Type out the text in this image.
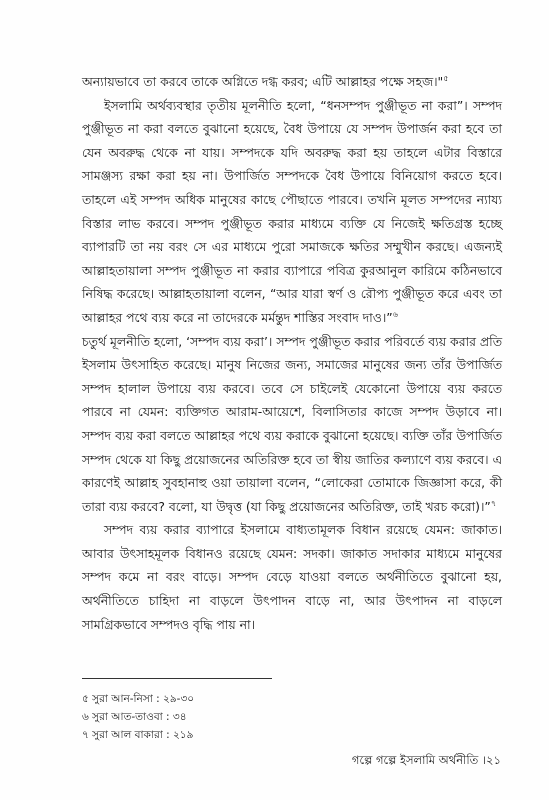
অন্যায়ভাবে তা করবে তাকে অগ্নিতে দগ্ধ করব; এটি আল্লাহর পক্ষে সহজ।"$^৫$

ইসলামি অর্থব্যবস্থার তৃতীয় মূলনীতি হলো, “ধনসম্পদ পুঞ্জীভূত না করা”। সম্পদ পুঞ্জীভূত না করা বলতে বুঝানো হয়েছে, বৈধ উপায়ে যে সম্পদ উপার্জন করা হবে তা যেন অবরুদ্ধ থেকে না যায়। সম্পদকে যদি অবরুদ্ধ করা হয় তাহলে এটার বিস্তারে সামঞ্জস্য রক্ষা করা হয় না। উপার্জিত সম্পদকে বৈধ উপায়ে বিনিয়োগ করতে হবে। তাহলে এই সম্পদ অধিক মানুষের কাছে পৌছাতে পারবে। তখনি মূলত সম্পদের ন্যায্য বিস্তার লাভ করবে। সম্পদ পুঞ্জীভূত করার মাধ্যমে ব্যক্তি যে নিজেই ক্ষতিগ্রস্ত হচ্ছে ব্যাপারটি তা নয় বরং সে এর মাধ্যমে পুরো সমাজকে ক্ষতির সম্মুখীন করছে। এজন্যই আল্লাহতায়ালা সম্পদ পুঞ্জীভূত না করার ব্যাপারে পবিত্র কুরআনুল কারিমে কঠিনভাবে নিষিদ্ধ করেছে। আল্লাহতায়ালা বলেন, “আর যারা স্বর্ণ ও রৌপ্য পুঞ্জীভূত করে এবং তা আল্লাহর পথে ব্যয় করে না তাদেরকে মর্মন্তুদ শাস্তির সংবাদ দাও।”$^৬$

চতুর্থ মূলনীতি হলো, ‘সম্পদ ব্যয় করা’। সম্পদ পুঞ্জীভূত করার পরিবর্তে ব্যয় করার প্রতি ইসলাম উৎসাহিত করেছে। মানুষ নিজের জন্য, সমাজের মানুষের জন্য তাঁর উপার্জিত সম্পদ হালাল উপায়ে ব্যয় করবে। তবে সে চাইলেই যেকোনো উপায়ে ব্যয় করতে পারবে না যেমন: ব্যক্তিগত আরাম-আয়েশে, বিলাসিতার কাজে সম্পদ উড়াবে না। সম্পদ ব্যয় করা বলতে আল্লাহর পথে ব্যয় করাকে বুঝানো হয়েছে। ব্যক্তি তাঁর উপার্জিত সম্পদ থেকে যা কিছু প্রয়োজনের অতিরিক্ত হবে তা স্বীয় জাতির কল্যাণে ব্যয় করবে। এ কারণেই আল্লাহ সুবহানাহু ওয়া তায়ালা বলেন, “লোকেরা তোমাকে জিজ্ঞাসা করে, কী তারা ব্যয় করবে? বলো, যা উদ্বৃত্ত (যা কিছু প্রয়োজনের অতিরিক্ত, তাই খরচ করো)।”$^৭$

সম্পদ ব্যয় করার ব্যাপারে ইসলামে বাধ্যতামূলক বিধান রয়েছে যেমন: জাকাত। আবার উৎসাহমূলক বিধানও রয়েছে যেমন: সদকা। জাকাত সদাকার মাধ্যমে মানুষের সম্পদ কমে না বরং বাড়ে। সম্পদ বেড়ে যাওয়া বলতে অর্থনীতিতে বুঝানো হয়, অর্থনীতিতে চাহিদা না বাড়লে উৎপাদন বাড়ে না, আর উৎপাদন না বাড়লে সামগ্রিকভাবে সম্পদও বৃদ্ধি পায় না।

৫ সুরা আন-নিসা : ২৯-৩০

৬ সুরা আত-তাওবা : ৩৪

৭ সুরা আল বাকারা : ২১৯

গল্পে গল্পে ইসলামি অর্থনীতি ।২১
